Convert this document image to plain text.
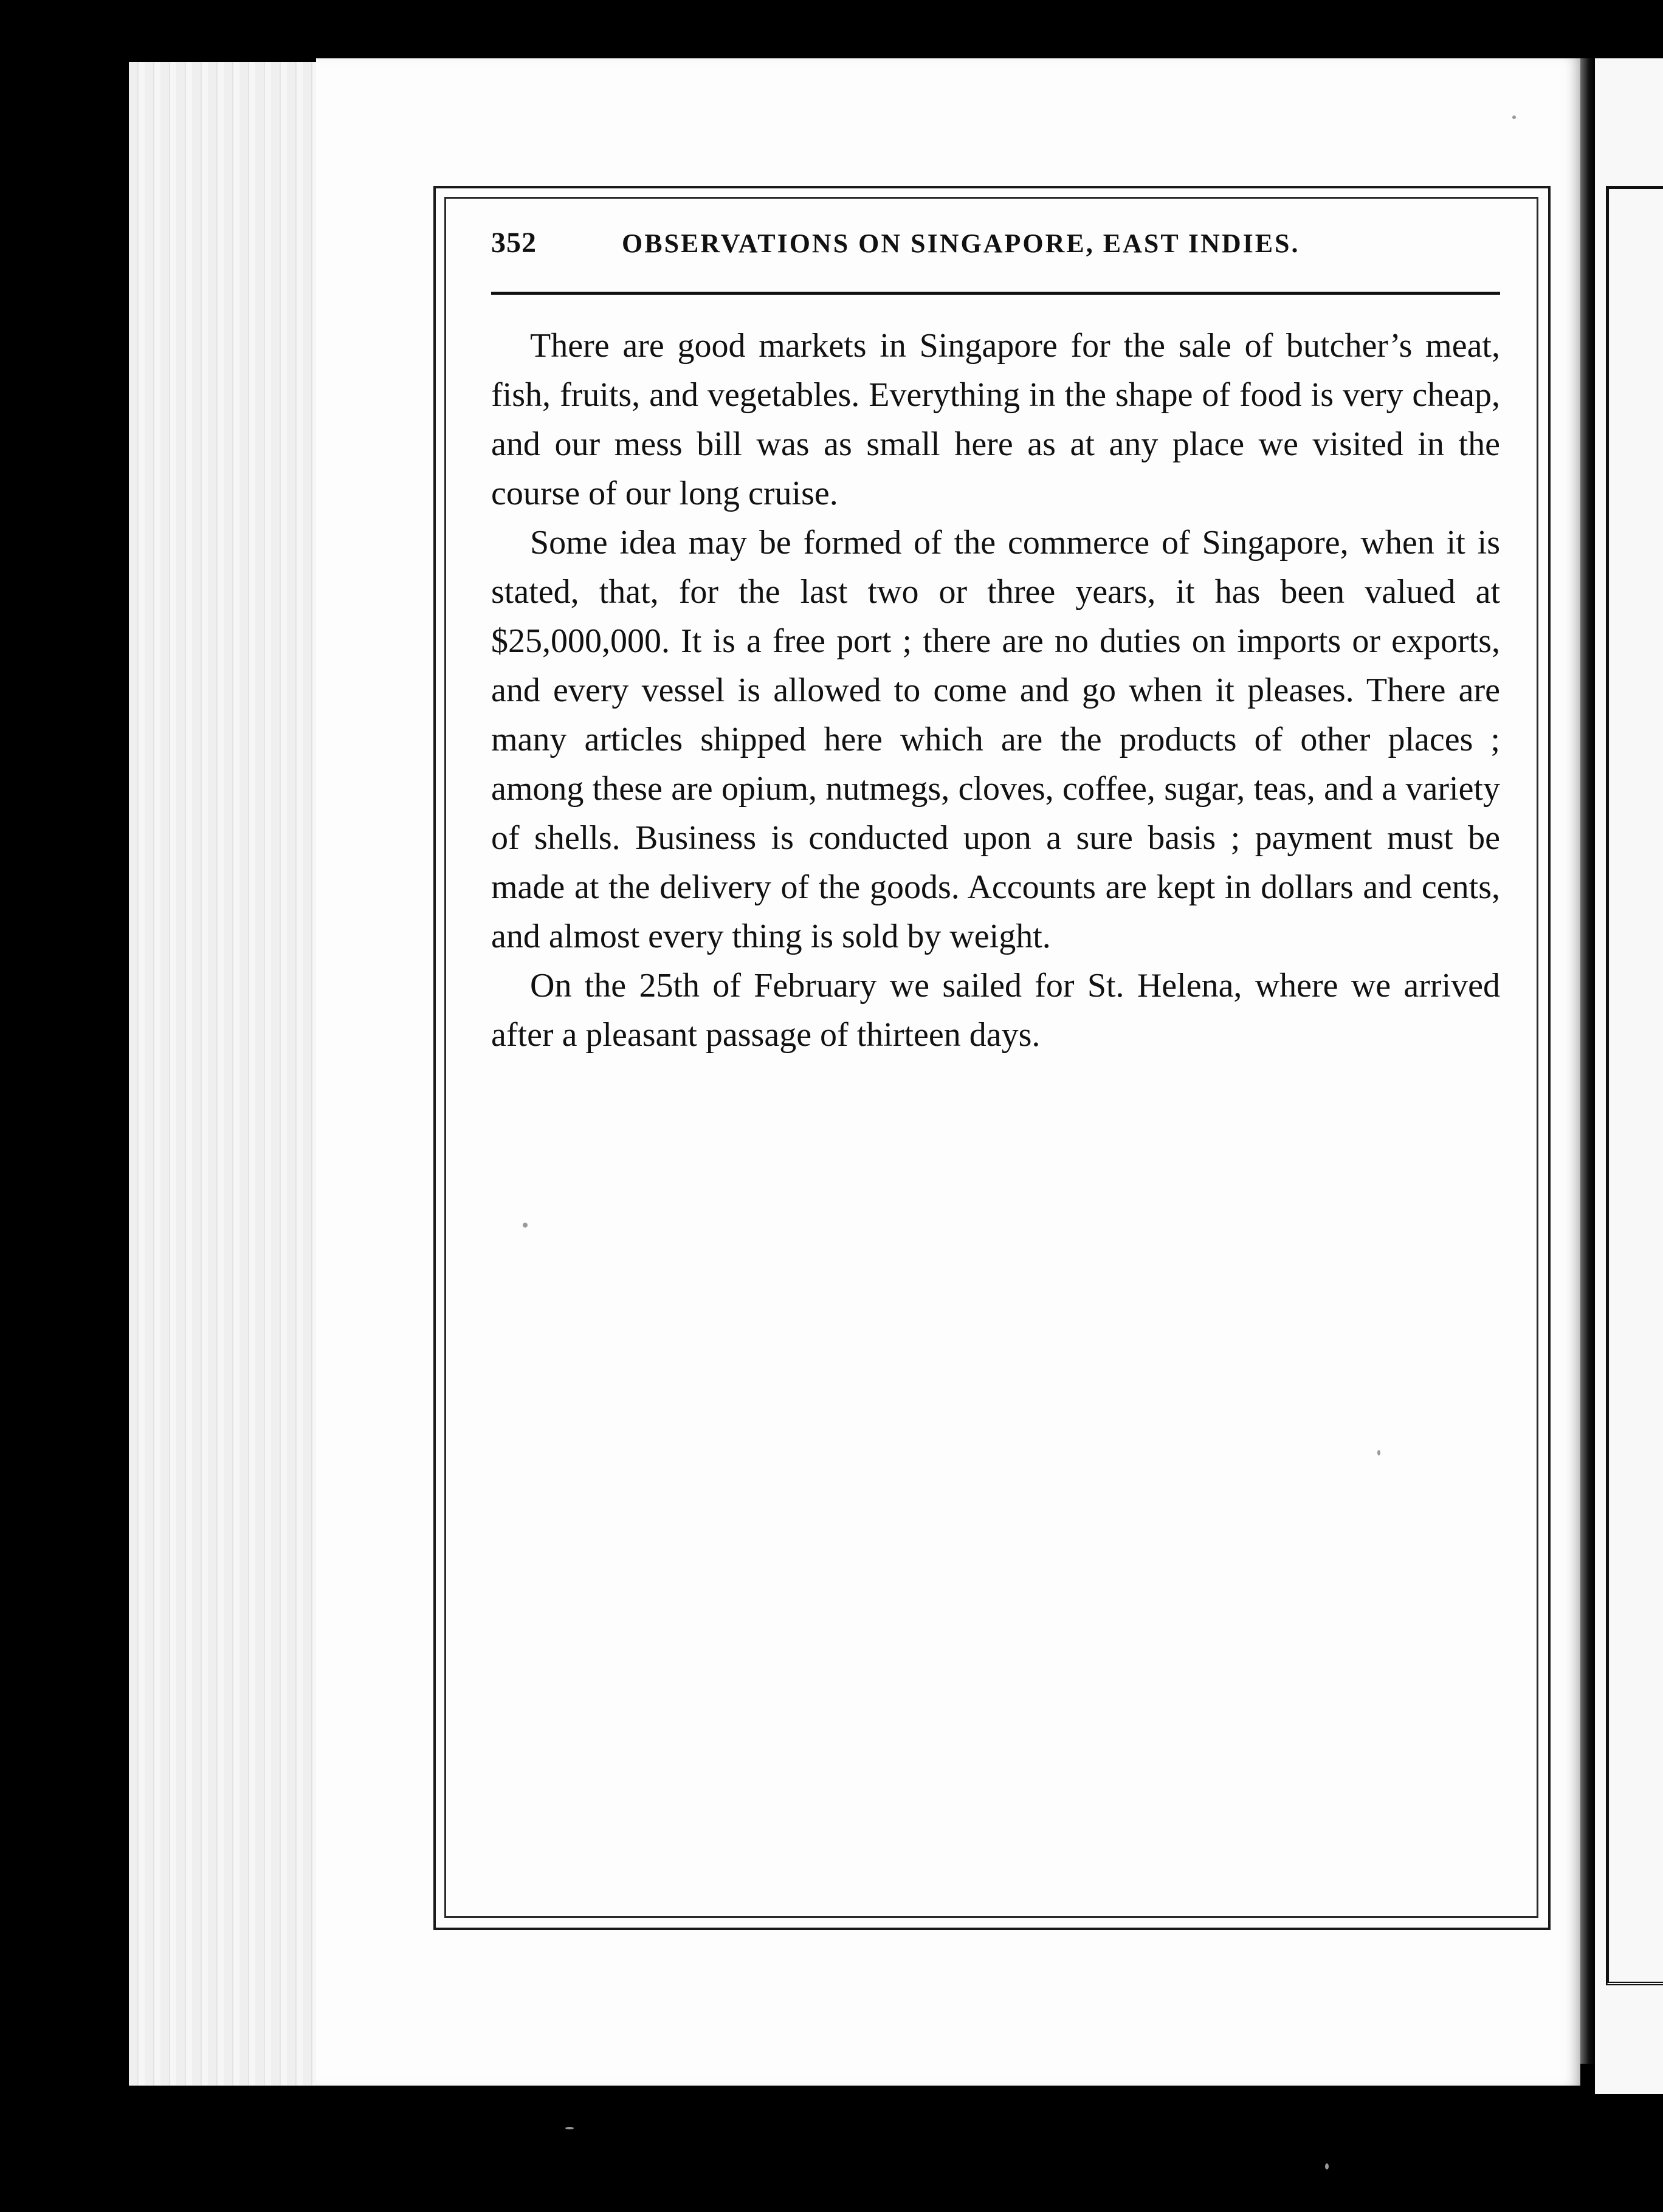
352	OBSERVATIONS ON SINGAPORE, EAST INDIES.

There are good markets in Singapore for the sale of butcher’s meat, fish, fruits, and vegetables. Everything in the shape of food is very cheap, and our mess bill was as small here as at any place we visited in the course of our long cruise.

Some idea may be formed of the commerce of Singapore, when it is stated, that, for the last two or three years, it has been valued at $25,000,000. It is a free port ; there are no duties on imports or exports, and every vessel is allowed to come and go when it pleases. There are many articles shipped here which are the products of other places ; among these are opium, nutmegs, cloves, coffee, sugar, teas, and a variety of shells. Business is conducted upon a sure basis ; payment must be made at the delivery of the goods. Accounts are kept in dollars and cents, and almost every thing is sold by weight.

On the 25th of February we sailed for St. Helena, where we arrived after a pleasant passage of thirteen days.
